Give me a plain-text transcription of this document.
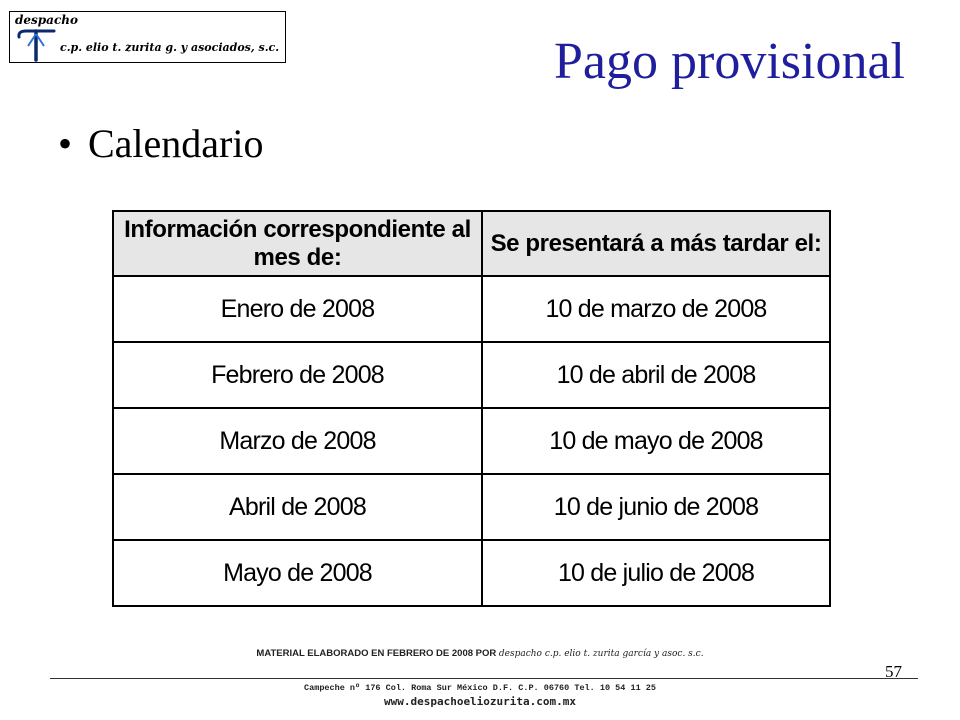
despacho
c.p. elio t. zurita g. y asociados, s.c.	Pago provisional
• Calendario
Información correspondiente al mes de:	Se presentará a más tardar el:
Enero de 2008	10 de marzo de 2008
Febrero de 2008	10 de abril de 2008
Marzo de 2008	10 de mayo de 2008
Abril de 2008	10 de junio de 2008
Mayo de 2008	10 de julio de 2008
MATERIAL ELABORADO EN FEBRERO DE 2008 POR despacho c.p. elio t. zurita garcía y asoc. s.c.
57
Campeche nº 176 Col. Roma Sur México D.F. C.P. 06760 Tel. 10 54 11 25
www.despachoeliozurita.com.mx
